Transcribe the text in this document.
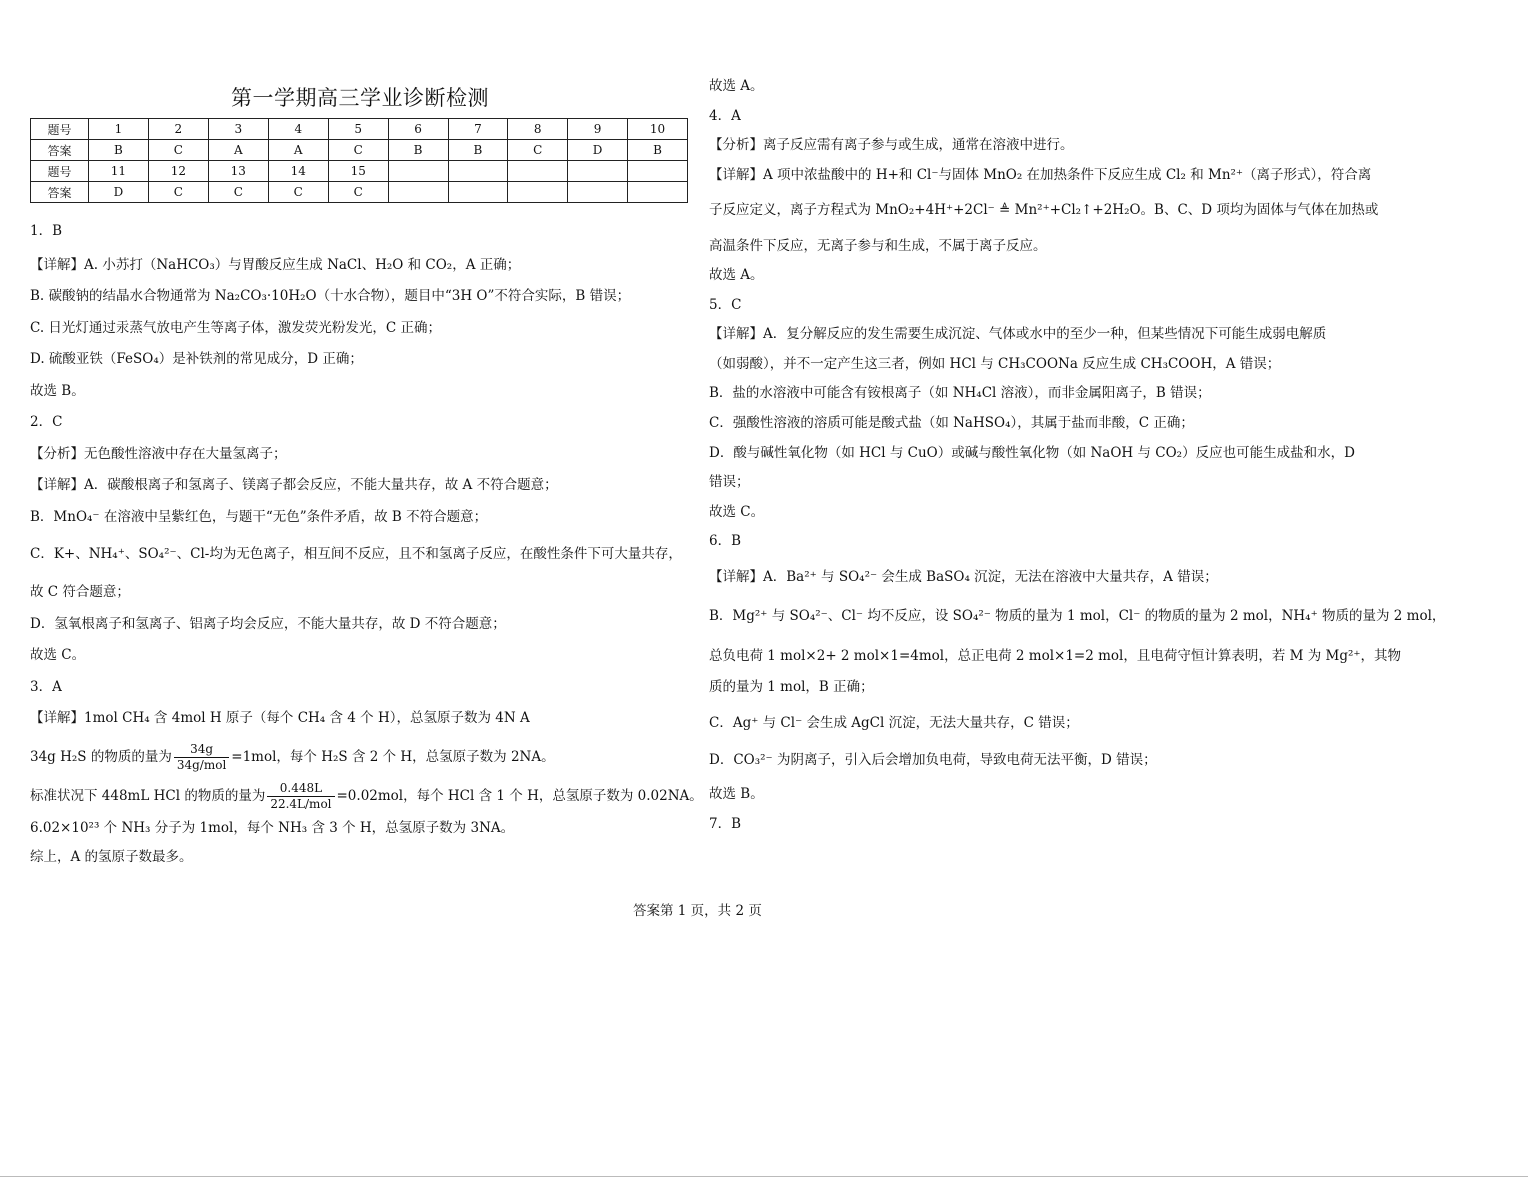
第一学期高三学业诊断检测
题号	1	2	3	4	5	6	7	8	9	10
答案	B	C	A	A	C	B	B	C	D	B
题号	11	12	13	14	15					
答案	D	C	C	C	C					
1．B
【详解】A. 小苏打（NaHCO₃）与胃酸反应生成 NaCl、H₂O 和 CO₂，A 正确；
B. 碳酸钠的结晶水合物通常为 Na₂CO₃·10H₂O（十水合物），题目中“3H O”不符合实际，B 错误；
C. 日光灯通过汞蒸气放电产生等离子体，激发荧光粉发光，C 正确；
D. 硫酸亚铁（FeSO₄）是补铁剂的常见成分，D 正确；
故选 B。
2．C
【分析】无色酸性溶液中存在大量氢离子；
【详解】A．碳酸根离子和氢离子、镁离子都会反应，不能大量共存，故 A 不符合题意；
B．MnO₄⁻ 在溶液中呈紫红色，与题干“无色”条件矛盾，故 B 不符合题意；
C．K+、NH₄⁺、SO₄²⁻、Cl-均为无色离子，相互间不反应，且不和氢离子反应，在酸性条件下可大量共存，
故 C 符合题意；
D．氢氧根离子和氢离子、铝离子均会反应，不能大量共存，故 D 不符合题意；
故选 C。
3．A
【详解】1mol CH₄ 含 4mol H 原子（每个 CH₄ 含 4 个 H），总氢原子数为 4N A
34g H₂S 的物质的量为 $\frac{34g}{\text{34g/mol}} =1mol$，每个 H₂S 含 2 个 H，总氢原子数为 2NA。
标准状况下 448mL HCl 的物质的量为 $\frac{0.448L}{\text{22.4L/mol}} =0.02mol$，每个 HCl 含 1 个 H，总氢原子数为 0.02NA。
6.02×10²³ 个 NH₃ 分子为 1mol，每个 NH₃ 含 3 个 H，总氢原子数为 3NA。
综上，A 的氢原子数最多。
故选 A。
4．A
【分析】离子反应需有离子参与或生成，通常在溶液中进行。
【详解】A 项中浓盐酸中的 H+和 Cl⁻与固体 MnO₂ 在加热条件下反应生成 Cl₂ 和 Mn²⁺（离子形式），符合离
子反应定义，离子方程式为 MnO₂+4H⁺+2Cl⁻ ≜ Mn²⁺+Cl₂↑+2H₂O。B、C、D 项均为固体与气体在加热或
高温条件下反应，无离子参与和生成，不属于离子反应。
故选 A。
5．C
【详解】A．复分解反应的发生需要生成沉淀、气体或水中的至少一种，但某些情况下可能生成弱电解质
（如弱酸），并不一定产生这三者，例如 HCl 与 CH₃COONa 反应生成 CH₃COOH，A 错误；
B．盐的水溶液中可能含有铵根离子（如 NH₄Cl 溶液），而非金属阳离子，B 错误；
C．强酸性溶液的溶质可能是酸式盐（如 NaHSO₄），其属于盐而非酸，C 正确；
D．酸与碱性氧化物（如 HCl 与 CuO）或碱与酸性氧化物（如 NaOH 与 CO₂）反应也可能生成盐和水，D
错误；
故选 C。
6．B
【详解】A．Ba²⁺ 与 SO₄²⁻ 会生成 BaSO₄ 沉淀，无法在溶液中大量共存，A 错误；
B．Mg²⁺ 与 SO₄²⁻、Cl⁻ 均不反应，设 SO₄²⁻ 物质的量为 1 mol，Cl⁻ 的物质的量为 2 mol，NH₄⁺ 物质的量为 2 mol，
总负电荷 1 mol×2+ 2 mol×1=4mol，总正电荷 2 mol×1=2 mol，且电荷守恒计算表明，若 M 为 Mg²⁺，其物
质的量为 1 mol，B 正确；
C．Ag⁺ 与 Cl⁻ 会生成 AgCl 沉淀，无法大量共存，C 错误；
D．CO₃²⁻ 为阴离子，引入后会增加负电荷，导致电荷无法平衡，D 错误；
故选 B。
7．B
答案第 1 页，共 2 页
